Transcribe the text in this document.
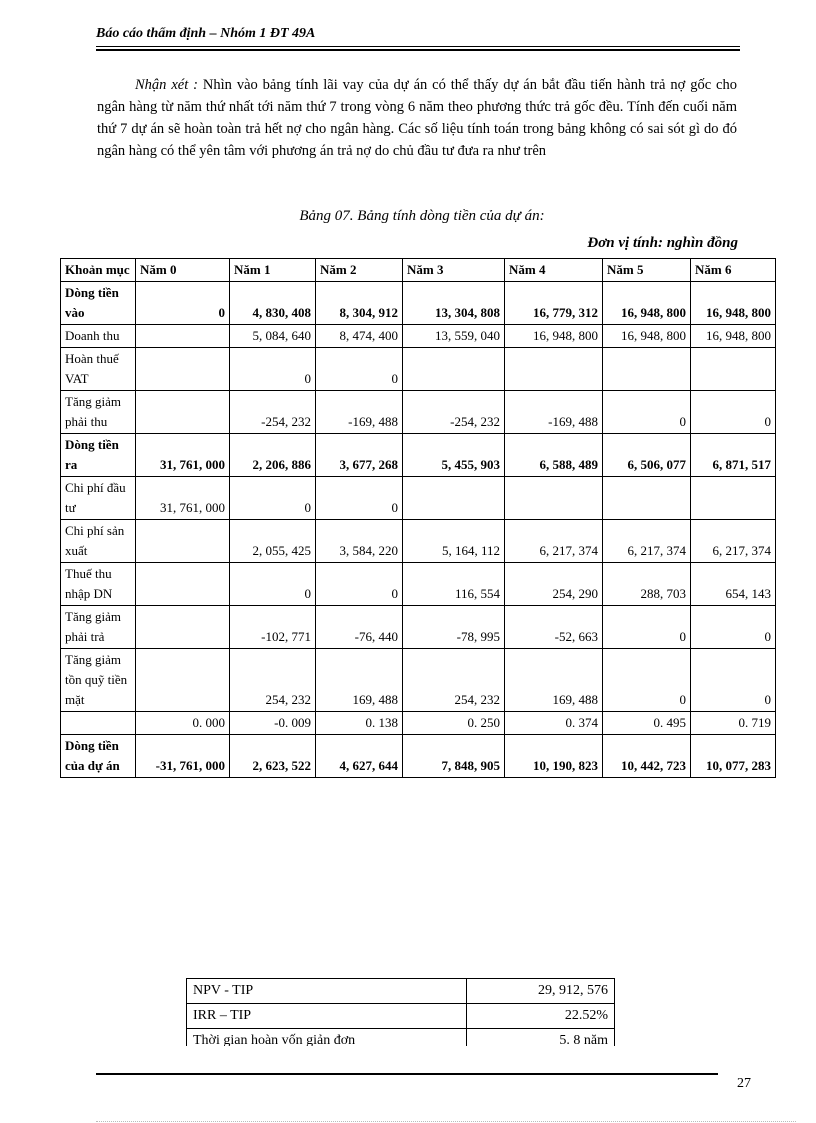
Báo cáo thẩm định – Nhóm 1 ĐT 49A

Nhận xét : Nhìn vào bảng tính lãi vay của dự án có thể thấy dự án bắt đầu tiến hành trả nợ gốc cho ngân hàng từ năm thứ nhất tới năm thứ 7 trong vòng 6 năm theo phương thức trả gốc đều. Tính đến cuối năm thứ 7 dự án sẽ hoàn toàn trả hết nợ cho ngân hàng. Các số liệu tính toán trong bảng không có sai sót gì do đó ngân hàng có thể yên tâm với phương án trả nợ do chủ đầu tư đưa ra như trên

Bảng 07. Bảng tính dòng tiền của dự án:
Đơn vị tính: nghìn đồng
Khoản mục	Năm 0	Năm 1	Năm 2	Năm 3	Năm 4	Năm 5	Năm 6
Dòng tiền vào	0	4, 830, 408	8, 304, 912	13, 304, 808	16, 779, 312	16, 948, 800	16, 948, 800
Doanh thu		5, 084, 640	8, 474, 400	13, 559, 040	16, 948, 800	16, 948, 800	16, 948, 800
Hoàn thuế VAT		0	0				
Tăng giảm phải thu		-254, 232	-169, 488	-254, 232	-169, 488	0	0
Dòng tiền ra	31, 761, 000	2, 206, 886	3, 677, 268	5, 455, 903	6, 588, 489	6, 506, 077	6, 871, 517
Chi phí đầu tư	31, 761, 000	0	0				
Chi phí sản xuất		2, 055, 425	3, 584, 220	5, 164, 112	6, 217, 374	6, 217, 374	6, 217, 374
Thuế thu nhập DN		0	0	116, 554	254, 290	288, 703	654, 143
Tăng giảm phải trả		-102, 771	-76, 440	-78, 995	-52, 663	0	0
Tăng giảm tồn quỹ tiền mặt		254, 232	169, 488	254, 232	169, 488	0	0
	0. 000	-0. 009	0. 138	0. 250	0. 374	0. 495	0. 719
Dòng tiền của dự án	-31, 761, 000	2, 623, 522	4, 627, 644	7, 848, 905	10, 190, 823	10, 442, 723	10, 077, 283
NPV - TIP	29, 912, 576
IRR – TIP	22.52%
Thời gian hoàn vốn giản đơn	5. 8 năm
27
